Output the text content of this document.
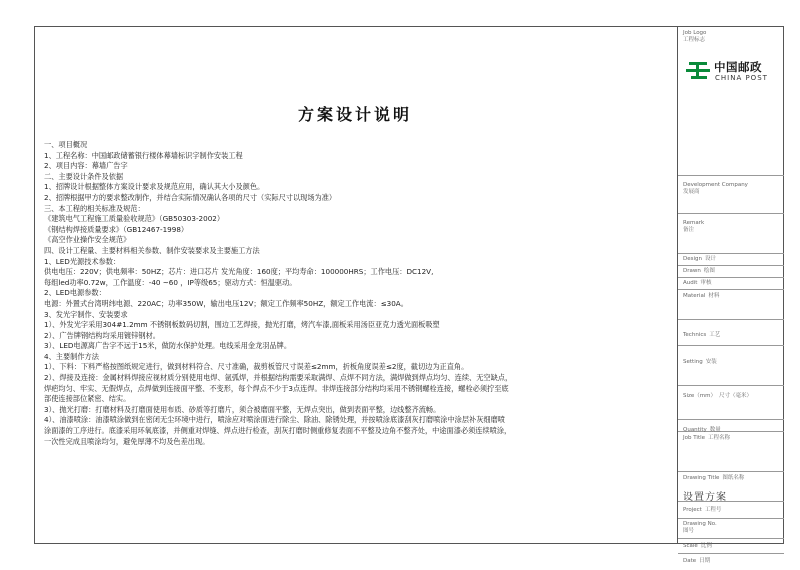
方案设计说明
一、项目概况
1、工程名称：中国邮政储蓄银行楼体幕墙标识字制作安装工程
2、项目内容：幕墙广告字
二、主要设计条件及依据
1、招牌设计根据整体方案设计要求及规范应用，确认其大小及颜色。
2、招牌根据甲方的要求整改制作，并结合实际情况确认各项的尺寸（实际尺寸以现场为准）
三、本工程的相关标准及规范：
《建筑电气工程施工质量验收规范》（GB50303-2002）
《钢结构焊接质量要求》（GB12467-1998）
《高空作业操作安全规范》
四、设计工程量、主要材料相关参数、制作安装要求及主要施工方法
1、LED光源技术参数：
供电电压：220V；供电频率：50HZ；芯片：进口芯片 发光角度：160度；平均寿命：100000HRS；工作电压：DC12V,
每组led功率0.72w，工作温度：-40 ~60 ，IP等级65；驱动方式：恒温驱动。
2、LED电源参数：
电源：外置式台湾明纬电源、220AC；功率350W，输出电压12V；额定工作频率50HZ，额定工作电流：≤30A。
3、发光字制作、安装要求
1）、外发光字采用304#1.2mm 不锈钢板数码切割，围边工艺焊接，抛光打磨，烤汽车漆,面板采用汤臣亚克力透光面板吸塑
2）、广告牌钢结构均采用镀锌钢材。
3）、LED电源离广告字不远于15米，做防水保护处理。电线采用金龙羽品牌。
4、主要制作方法
1）、下料：下料严格按图纸规定进行，做到材料符合、尺寸准确，裁剪板管尺寸误差≤2mm，折板角度误差≤2度，截切边为正直角。
2）、焊接及连接：金属材料焊接应视材质分别使用电焊、氩弧焊，并根据结构需要采取满焊、点焊不同方法，满焊做到焊点均匀、连续、无空缺点，
焊疤均匀、牢实、无假焊点，点焊做到连接面平整、不变形，每个焊点不少于3点连焊。非焊连接部分结构均采用不锈钢螺栓连接，螺栓必须拧至底
部使连接部位紧密、结实。
3）、抛光打磨：打磨材料及打磨面使用布质、砂质等打磨片，须合被磨面平整，无焊点突出，做到表面平整，边线整齐流畅。
4）、油漆喷涂：油漆喷涂做到在密闭无尘环境中进行，喷涂应对喷涂面进行除尘、除油、除锈处理，并按喷涂底漆刮灰打磨喷涂中涂层补灰细磨喷
涂面漆的工序进行。底漆采用环氧底漆，并侧重对焊缝、焊点进行检查，刮灰打磨时侧重修复表面不平整及边角不整齐处，中途面漆必须连续喷涂，
一次性完成且喷涂均匀，避免厚薄不均及色差出现。
Job Logo
工程标志
中国邮政
CHINA POST
Development Company
发展商
Remark
备注
Design 设计
Drawn 绘图
Audit 审核
Material 材料
Technics 工艺
Setting 安装
Size（mm） 尺寸（毫米）
Quantity 数量
Job Title 工程名称
Drawing Title 图纸名称
设置方案
Project 工程号
Drawing No.
图号
Scale 比例
Date 日期
